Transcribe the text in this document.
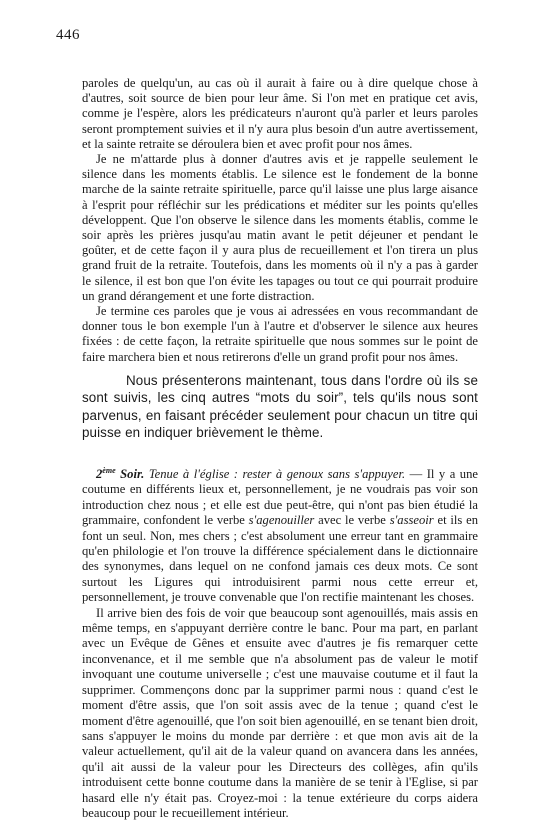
446

paroles de quelqu'un, au cas où il aurait à faire ou à dire quelque chose à d'autres, soit source de bien pour leur âme. Si l'on met en pratique cet avis, comme je l'espère, alors les prédicateurs n'auront qu'à parler et leurs paroles seront promptement suivies et il n'y aura plus besoin d'un autre avertissement, et la sainte retraite se déroulera bien et avec profit pour nos âmes.

Je ne m'attarde plus à donner d'autres avis et je rappelle seulement le silence dans les moments établis. Le silence est le fondement de la bonne marche de la sainte retraite spirituelle, parce qu'il laisse une plus large aisance à l'esprit pour réfléchir sur les prédications et méditer sur les points qu'elles développent. Que l'on observe le silence dans les moments établis, comme le soir après les prières jusqu'au matin avant le petit déjeuner et pendant le goûter, et de cette façon il y aura plus de recueillement et l'on tirera un plus grand fruit de la retraite. Toutefois, dans les moments où il n'y a pas à garder le silence, il est bon que l'on évite les tapages ou tout ce qui pourrait produire un grand dérangement et une forte distraction.

Je termine ces paroles que je vous ai adressées en vous recommandant de donner tous le bon exemple l'un à l'autre et d'observer le silence aux heures fixées : de cette façon, la retraite spirituelle que nous sommes sur le point de faire marchera bien et nous retirerons d'elle un grand profit pour nos âmes.

Nous présenterons maintenant, tous dans l'ordre où ils se sont suivis, les cinq autres “mots du soir”, tels qu'ils nous sont parvenus, en faisant précéder seulement pour chacun un titre qui puisse en indiquer brièvement le thème.

2ème Soir. Tenue à l'église : rester à genoux sans s'appuyer. — Il y a une coutume en différents lieux et, personnellement, je ne voudrais pas voir son introduction chez nous ; et elle est due peut-être, qui n'ont pas bien étudié la grammaire, confondent le verbe s'agenouiller avec le verbe s'asseoir et ils en font un seul. Non, mes chers ; c'est absolument une erreur tant en grammaire qu'en philologie et l'on trouve la différence spécialement dans le dictionnaire des synonymes, dans lequel on ne confond jamais ces deux mots. Ce sont surtout les Ligures qui introduisirent parmi nous cette erreur et, personnellement, je trouve convenable que l'on rectifie maintenant les choses.

Il arrive bien des fois de voir que beaucoup sont agenouillés, mais assis en même temps, en s'appuyant derrière contre le banc. Pour ma part, en parlant avec un Evêque de Gênes et ensuite avec d'autres je fis remarquer cette inconvenance, et il me semble que n'a absolument pas de valeur le motif invoquant une coutume universelle ; c'est une mauvaise coutume et il faut la supprimer. Commençons donc par la supprimer parmi nous : quand c'est le moment d'être assis, que l'on soit assis avec de la tenue ; quand c'est le moment d'être agenouillé, que l'on soit bien agenouillé, en se tenant bien droit, sans s'appuyer le moins du monde par derrière : et que mon avis ait de la valeur actuellement, qu'il ait de la valeur quand on avancera dans les années, qu'il ait aussi de la valeur pour les Directeurs des collèges, afin qu'ils introduisent cette bonne coutume dans la manière de se tenir à l'Eglise, si par hasard elle n'y était pas. Croyez-moi : la tenue extérieure du corps aidera beaucoup pour le recueillement intérieur.
